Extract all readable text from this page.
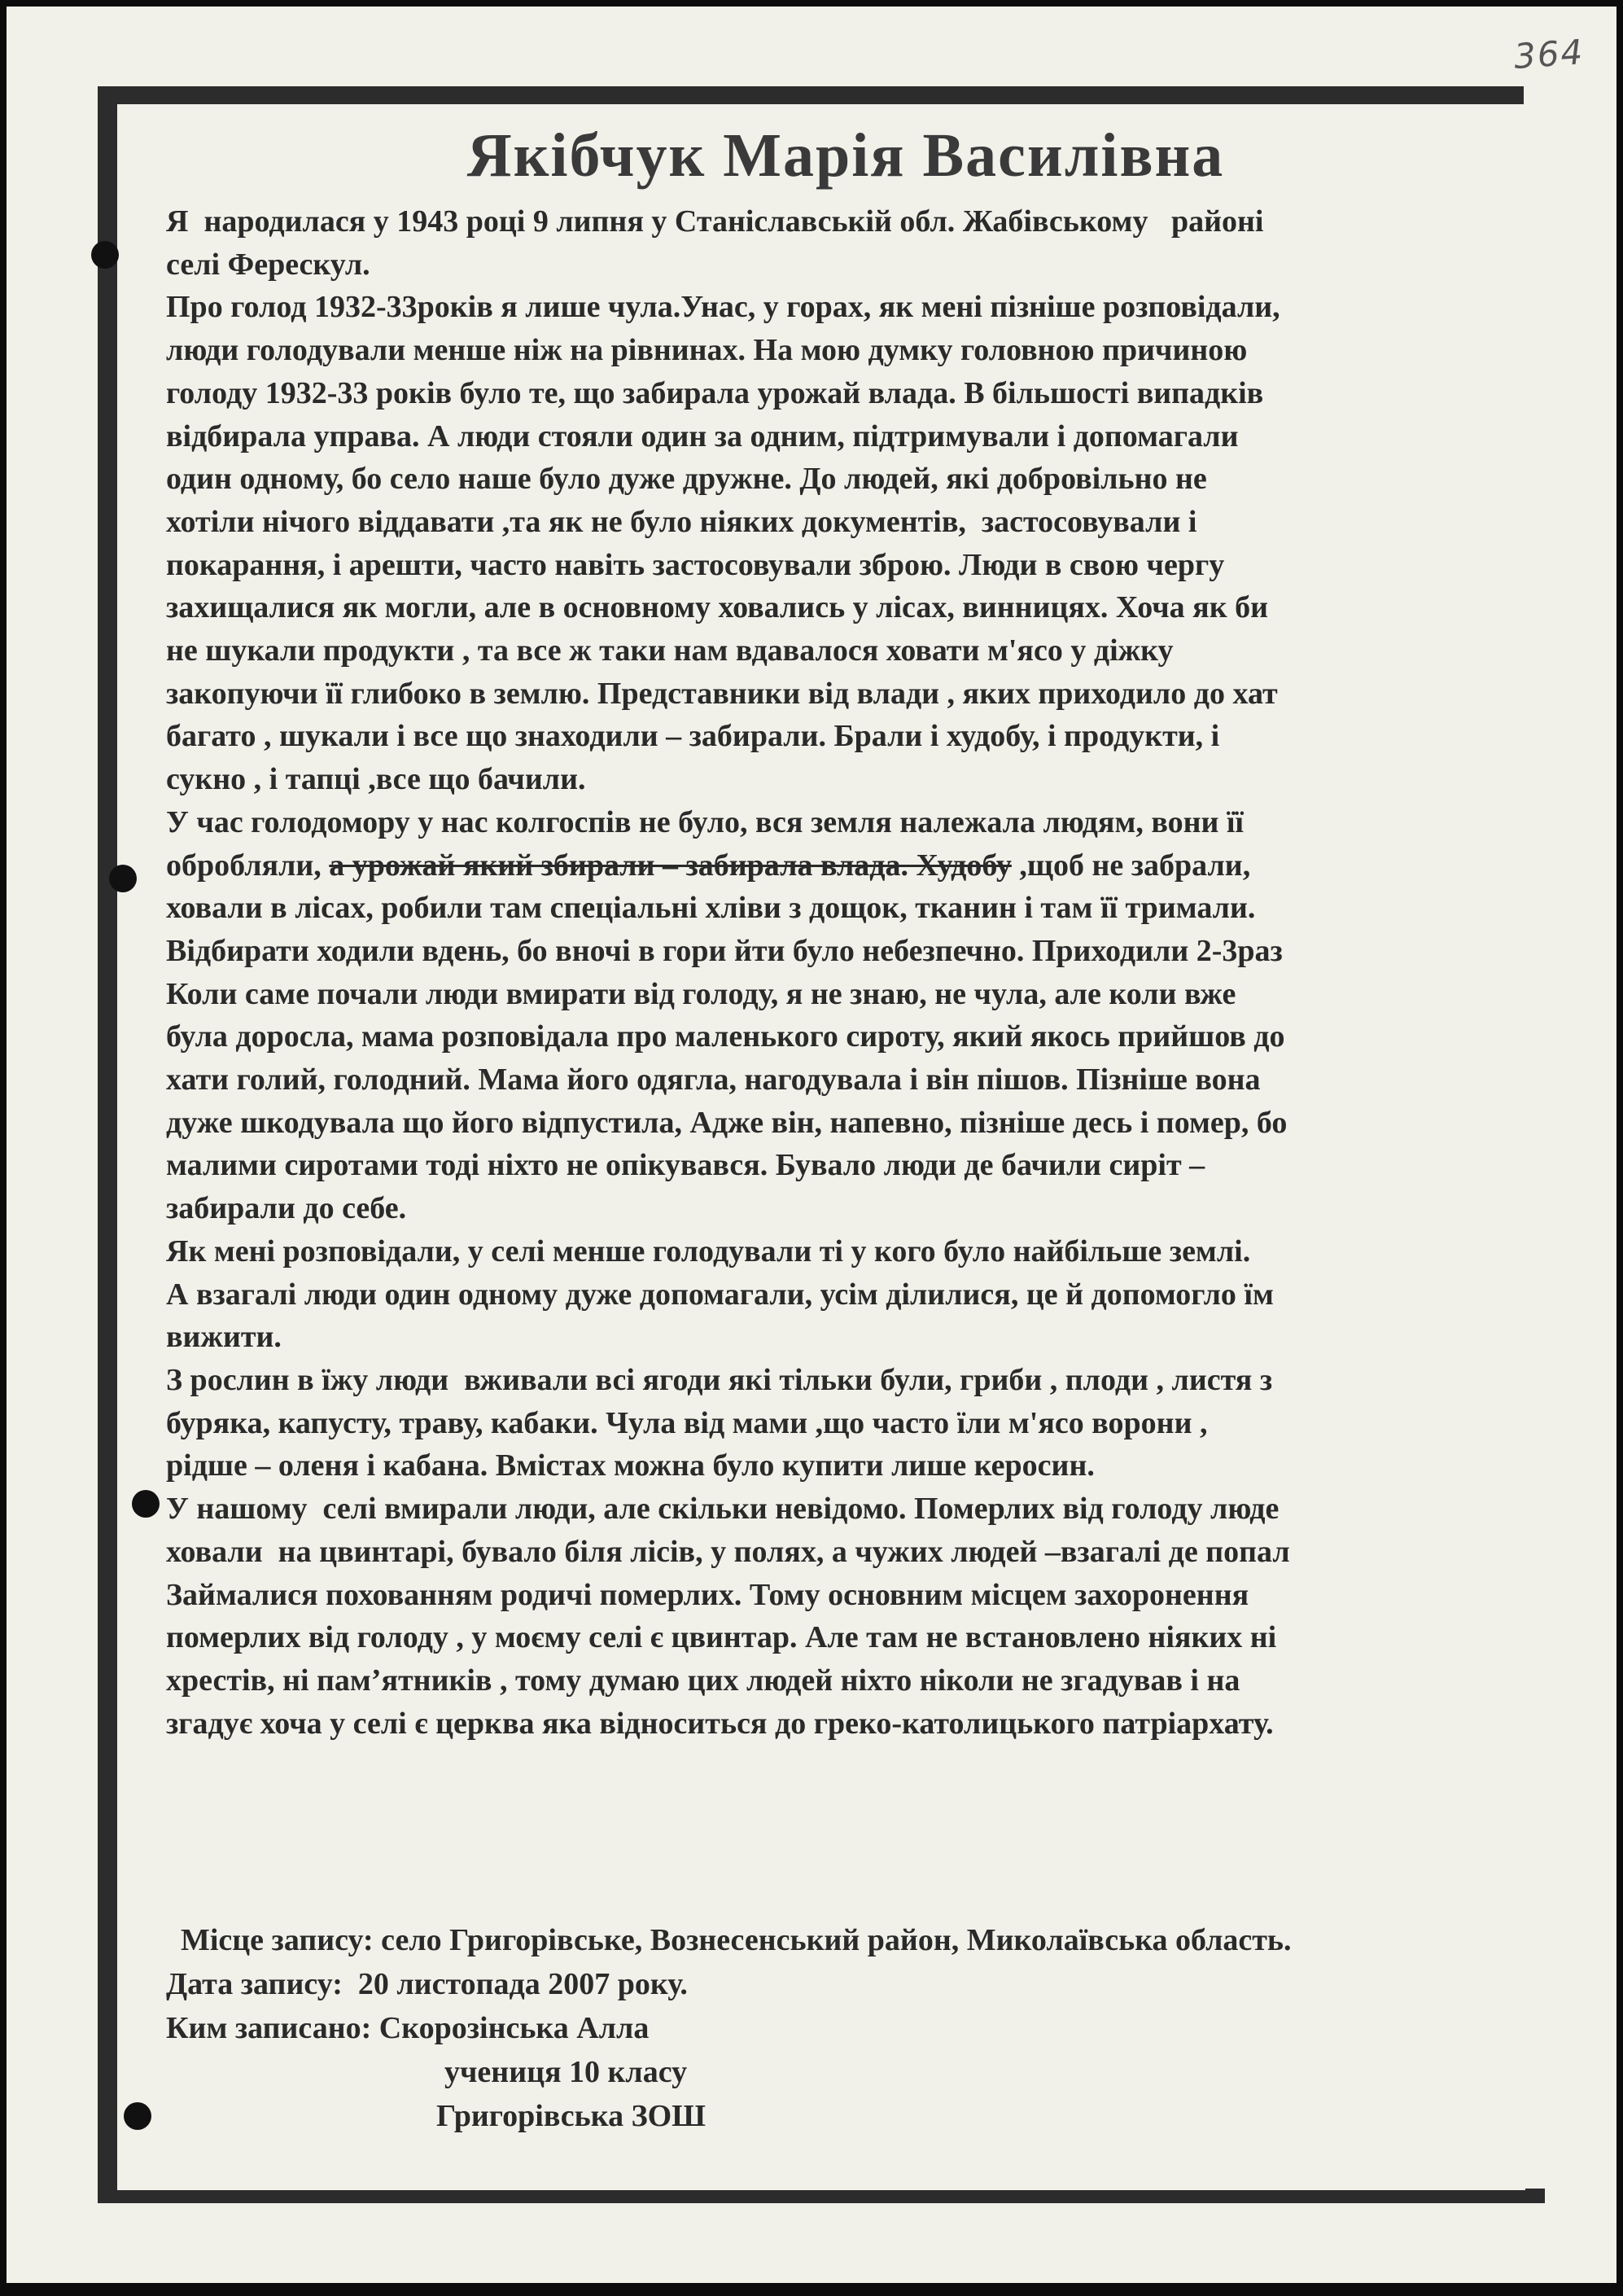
364
Якібчук Марія Василівна
Я  народилася у 1943 році 9 липня у Станіславській обл. Жабівському   районі
селі Ферескул.
Про голод 1932-33років я лише чула.Унас, у горах, як мені пізніше розповідали,
люди голодували менше ніж на рівнинах. На мою думку головною причиною
голоду 1932-33 років було те, що забирала урожай влада. В більшості випадків
відбирала управа. А люди стояли один за одним, підтримували і допомагали
один одному, бо село наше було дуже дружне. До людей, які добровільно не
хотіли нічого віддавати ,та як не було ніяких документів,  застосовували і
покарання, і арешти, часто навіть застосовували зброю. Люди в свою чергу
захищалися як могли, але в основному ховались у лісах, винницях. Хоча як би
не шукали продукти , та все ж таки нам вдавалося ховати м'ясо у діжку
закопуючи її глибоко в землю. Представники від влади , яких приходило до хат
багато , шукали і все що знаходили – забирали. Брали і худобу, і продукти, і
сукно , і тапці ,все що бачили.
У час голодомору у нас колгоспів не було, вся земля належала людям, вони її
обробляли, а урожай який збирали – забирала влада. Худобу ,щоб не забрали,
ховали в лісах, робили там спеціальні хліви з дощок, тканин і там її тримали.
Відбирати ходили вдень, бо вночі в гори йти було небезпечно. Приходили 2-3раз
Коли саме почали люди вмирати від голоду, я не знаю, не чула, але коли вже
була доросла, мама розповідала про маленького сироту, який якось прийшов до
хати голий, голодний. Мама його одягла, нагодувала і він пішов. Пізніше вона
дуже шкодувала що його відпустила, Адже він, напевно, пізніше десь і помер, бо
малими сиротами тоді ніхто не опікувався. Бувало люди де бачили сиріт –
забирали до себе.
Як мені розповідали, у селі менше голодували ті у кого було найбільше землі.
А взагалі люди один одному дуже допомагали, усім ділилися, це й допомогло їм
вижити.
З рослин в їжу люди  вживали всі ягоди які тільки були, гриби , плоди , листя з
буряка, капусту, траву, кабаки. Чула від мами ,що часто їли м'ясо ворони ,
рідше – оленя і кабана. Вмістах можна було купити лише керосин.
У нашому  селі вмирали люди, але скільки невідомо. Померлих від голоду люде
ховали  на цвинтарі, бувало біля лісів, у полях, а чужих людей –взагалі де попал
Займалися похованням родичі померлих. Тому основним місцем захоронення
померлих від голоду , у моєму селі є цвинтар. Але там не встановлено ніяких ні
хрестів, ні пам’ятників , тому думаю цих людей ніхто ніколи не згадував і на
згадує хоча у селі є церква яка відноситься до греко-католицького патріархату.
Місце запису: село Григорівське, Вознесенський район, Миколаївська область.
Дата запису:  20 листопада 2007 року.
Ким записано: Скорозінська Алла
учениця 10 класу
Григорівська ЗОШ
